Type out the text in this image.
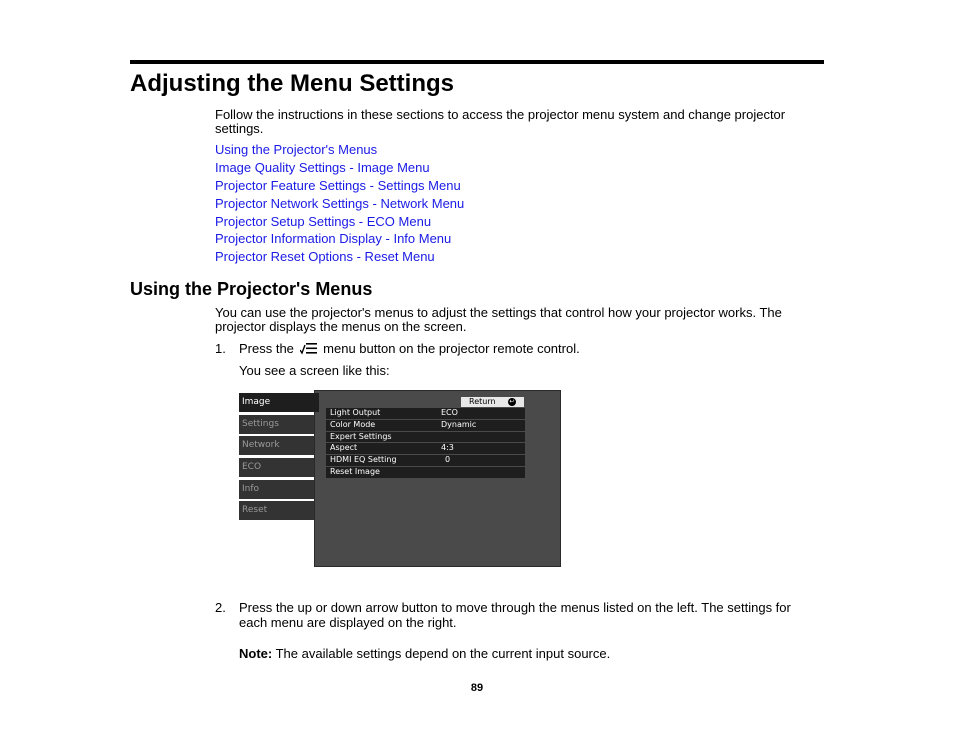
Adjusting the Menu Settings

Follow the instructions in these sections to access the projector menu system and change projector settings.

Using the Projector's Menus
Image Quality Settings - Image Menu
Projector Feature Settings - Settings Menu
Projector Network Settings - Network Menu
Projector Setup Settings - ECO Menu
Projector Information Display - Info Menu
Projector Reset Options - Reset Menu
Using the Projector's Menus

You can use the projector's menus to adjust the settings that control how your projector works. The projector displays the menus on the screen.

1. Press the menu button on the projector remote control.

You see a screen like this:

Image
Settings
Network
ECO
Info
Reset
Return ↩
Light Output	ECO
Color Mode	Dynamic
Expert Settings
Aspect	4:3
HDMI EQ Setting	0
Reset Image

2. Press the up or down arrow button to move through the menus listed on the left. The settings for each menu are displayed on the right.

Note: The available settings depend on the current input source.

89
